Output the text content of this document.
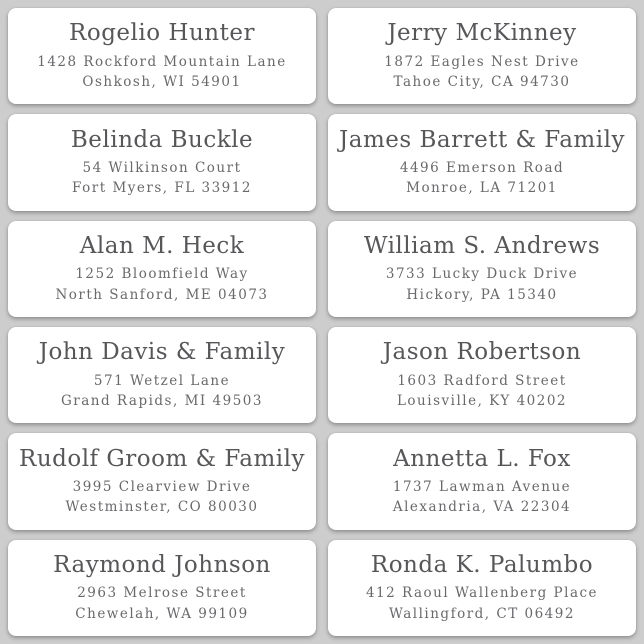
Rogelio Hunter
1428 Rockford Mountain Lane
Oshkosh, WI 54901
Jerry McKinney
1872 Eagles Nest Drive
Tahoe City, CA 94730
Belinda Buckle
54 Wilkinson Court
Fort Myers, FL 33912
James Barrett & Family
4496 Emerson Road
Monroe, LA 71201
Alan M. Heck
1252 Bloomfield Way
North Sanford, ME 04073
William S. Andrews
3733 Lucky Duck Drive
Hickory, PA 15340
John Davis & Family
571 Wetzel Lane
Grand Rapids, MI 49503
Jason Robertson
1603 Radford Street
Louisville, KY 40202
Rudolf Groom & Family
3995 Clearview Drive
Westminster, CO 80030
Annetta L. Fox
1737 Lawman Avenue
Alexandria, VA 22304
Raymond Johnson
2963 Melrose Street
Chewelah, WA 99109
Ronda K. Palumbo
412 Raoul Wallenberg Place
Wallingford, CT 06492
